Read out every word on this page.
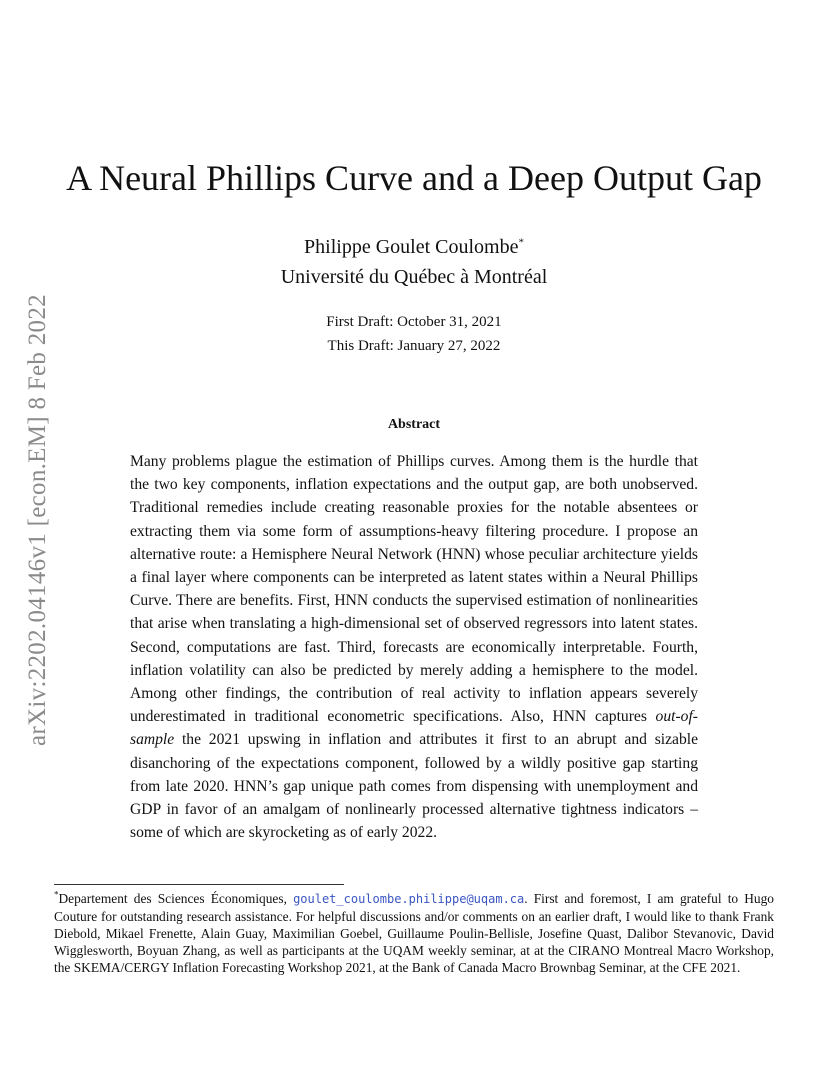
arXiv:2202.04146v1 [econ.EM] 8 Feb 2022
A Neural Phillips Curve and a Deep Output Gap
Philippe Goulet Coulombe*
Université du Québec à Montréal
First Draft: October 31, 2021
This Draft: January 27, 2022
Abstract
Many problems plague the estimation of Phillips curves. Among them is the hurdle that the two key components, inflation expectations and the output gap, are both unobserved. Traditional remedies include creating reasonable proxies for the notable absentees or extracting them via some form of assumptions-heavy filtering procedure. I propose an alternative route: a Hemisphere Neural Network (HNN) whose peculiar architecture yields a final layer where components can be interpreted as latent states within a Neural Phillips Curve. There are benefits. First, HNN conducts the supervised estimation of nonlinearities that arise when translating a high-dimensional set of observed regressors into latent states. Second, computations are fast. Third, forecasts are economically interpretable. Fourth, inflation volatility can also be predicted by merely adding a hemisphere to the model. Among other findings, the contribution of real activity to inflation appears severely underestimated in traditional econometric specifications. Also, HNN captures out-of-sample the 2021 upswing in inflation and attributes it first to an abrupt and sizable disanchoring of the expectations component, followed by a wildly positive gap starting from late 2020. HNN’s gap unique path comes from dispensing with unemployment and GDP in favor of an amalgam of nonlinearly processed alternative tightness indicators – some of which are skyrocketing as of early 2022.
*Departement des Sciences Économiques, goulet_coulombe.philippe@uqam.ca. First and foremost, I am grateful to Hugo Couture for outstanding research assistance. For helpful discussions and/or comments on an earlier draft, I would like to thank Frank Diebold, Mikael Frenette, Alain Guay, Maximilian Goebel, Guillaume Poulin-Bellisle, Josefine Quast, Dalibor Stevanovic, David Wigglesworth, Boyuan Zhang, as well as participants at the UQAM weekly seminar, at at the CIRANO Montreal Macro Workshop, the SKEMA/CERGY Inflation Forecasting Workshop 2021, at the Bank of Canada Macro Brownbag Seminar, at the CFE 2021.
